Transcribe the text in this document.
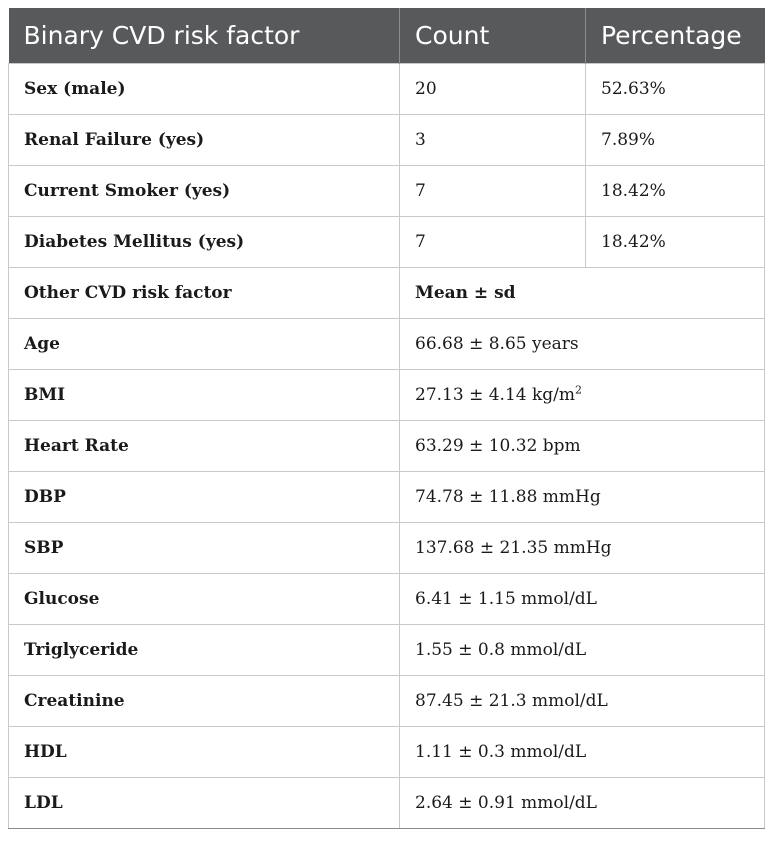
Binary CVD risk factor	Count	Percentage
Sex (male)	20	52.63%
Renal Failure (yes)	3	7.89%
Current Smoker (yes)	7	18.42%
Diabetes Mellitus (yes)	7	18.42%
Other CVD risk factor	Mean ± sd	
Age	66.68 ± 8.65 years	
BMI	27.13 ± 4.14 $kg/m^2$
Heart Rate	63.29 ± 10.32 bpm	
DBP	74.78 ± 11.88 mmHg	
SBP	137.68 ± 21.35 mmHg	
Glucose	6.41 ± 1.15 mmol/dL	
Triglyceride	1.55 ± 0.8 mmol/dL	
Creatinine	87.45 ± 21.3 mmol/dL	
HDL	1.11 ± 0.3 mmol/dL	
LDL	2.64 ± 0.91 mmol/dL	
